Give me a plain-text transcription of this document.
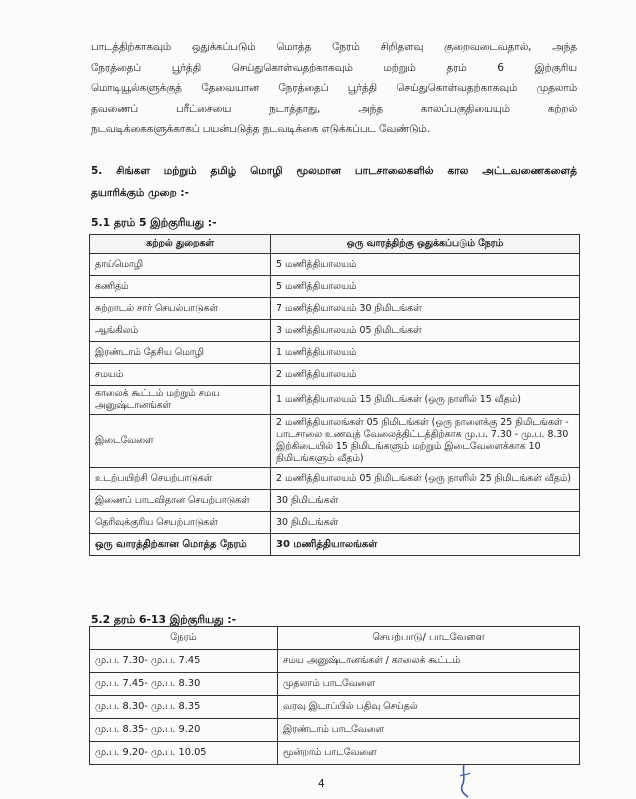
பாடத்திற்காகவும் ஒதுக்கப்படும் மொத்த நேரம் சிறிதளவு குறைவடைவதால், அந்த
நேரத்தைப் பூர்த்தி செய்துகொள்வதற்காகவும் மற்றும் தரம் 6 இற்குரிய
மொடியூல்களுக்குத் தேவையான நேரத்தைப் பூர்த்தி செய்துகொள்வதற்காகவும் முதலாம்
தவணைப் பரீட்சையை நடாத்தாது, அந்த காலப்பகுதியையும் கற்றல்
நடவடிக்கைகளுக்காகப் பயன்படுத்த நடவடிக்கை எடுக்கப்பட வேண்டும்.
5. சிங்கள மற்றும் தமிழ் மொழி மூலமான பாடசாலைகளில் கால அட்டவணைகளைத்
தயாரிக்கும் முறை :-
5.1 தரம் 5 இற்குரியது :-
கற்றல் துறைகள்	ஒரு வாரத்திற்கு ஒதுக்கப்படும் நேரம்
தாய்மொழி	5 மணித்தியாலயம்
கணிதம்	5 மணித்தியாலயம்
சுற்றாடல் சார் செயல்பாடுகள்	7 மணித்தியாலயம் 30 நிமிடங்கள்
ஆங்கிலம்	3 மணித்தியாலயம் 05 நிமிடங்கள்
இரண்டாம் தேசிய மொழி	1 மணித்தியாலயம்
சமயம்	2 மணித்தியாலயம்
காலைக் கூட்டம் மற்றும் சமய அனுஷ்டானங்கள்	1 மணித்தியாலயம் 15 நிமிடங்கள் (ஒரு நாளில் 15 வீதம்)
இடைவேளை	2 மணித்தியாலங்கள் 05 நிமிடங்கள் (ஒரு நாளைக்கு 25 நிமிடங்கள் - பாடசாலை உணவுத் வேலைத்திட்டத்திற்காக மு.ப. 7.30 - மு.ப. 8.30 இற்கிடையில் 15 நிமிடங்களும் மற்றும் இடைவேளைக்காக 10 நிமிடங்களும் வீதம்)
உடற்பயிற்சி செயற்பாடுகள்	2 மணித்தியாலயம் 05 நிமிடங்கள் (ஒரு நாளில் 25 நிமிடங்கள் வீதம்)
இணைப் பாடவிதான செயற்பாடுகள்	30 நிமிடங்கள்
தெரிவுக்குரிய செயற்பாடுகள்	30 நிமிடங்கள்
ஒரு வாரத்திற்கான மொத்த நேரம்	30 மணித்தியாலங்கள்
5.2 தரம் 6-13 இற்குரியது :-
நேரம்	செயற்பாடு/ பாடவேளை
மு.ப. 7.30- மு.ப. 7.45	சமய அனுஷ்டானங்கள் / காலைக் கூட்டம்
மு.ப. 7.45- மு.ப. 8.30	முதலாம் பாடவேளை
மு.ப. 8.30- மு.ப. 8.35	வரவு இடாப்பில் பதிவு செய்தல்
மு.ப. 8.35- மு.ப. 9.20	இரண்டாம் பாடவேளை
மு.ப. 9.20- மு.ப. 10.05	மூன்றாம் பாடவேளை
4
